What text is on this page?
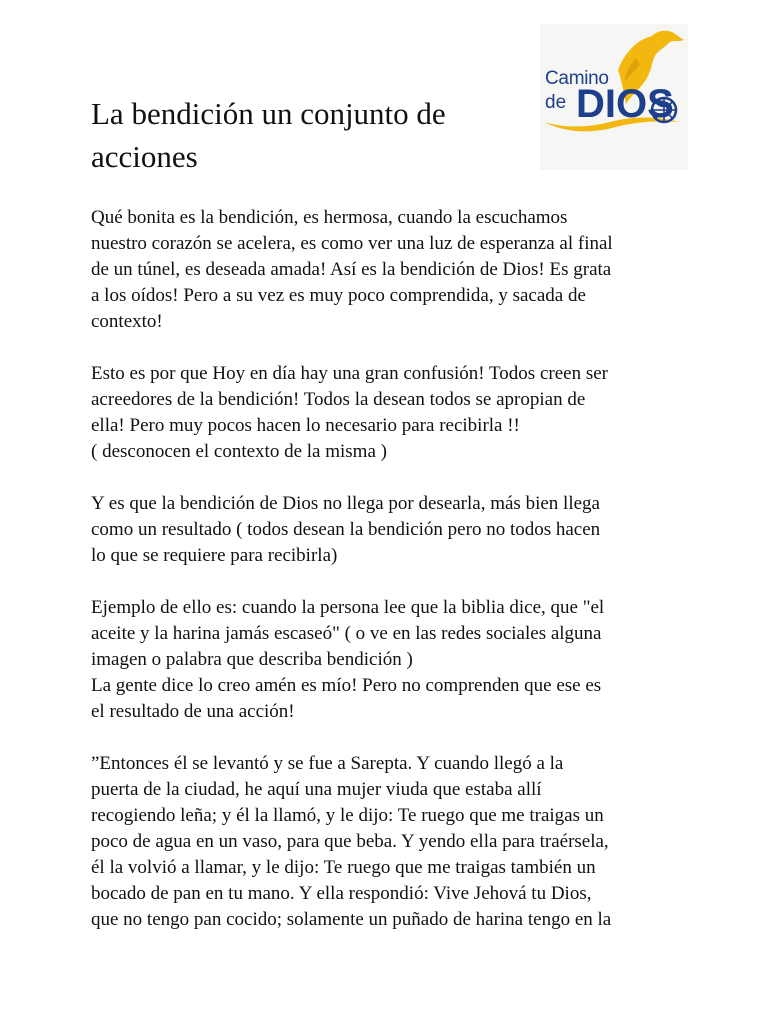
Camino
de DIOS
La bendición un conjunto de
acciones

Qué bonita es la bendición, es hermosa, cuando la escuchamos
nuestro corazón se acelera, es como ver una luz de esperanza al final
de un túnel, es deseada amada! Así es la bendición de Dios! Es grata
a los oídos! Pero a su vez es muy poco comprendida, y sacada de
contexto!

Esto es por que Hoy en día hay una gran confusión! Todos creen ser
acreedores de la bendición! Todos la desean todos se apropian de
ella! Pero muy pocos hacen lo necesario para recibirla !!
( desconocen el contexto de la misma )

Y es que la bendición de Dios no llega por desearla, más bien llega
como un resultado ( todos desean la bendición pero no todos hacen
lo que se requiere para recibirla)

Ejemplo de ello es: cuando la persona lee que la biblia dice, que "el
aceite y la harina jamás escaseó" ( o ve en las redes sociales alguna
imagen o palabra que describa bendición )
La gente dice lo creo amén es mío! Pero no comprenden que ese es
el resultado de una acción!

”Entonces él se levantó y se fue a Sarepta. Y cuando llegó a la
puerta de la ciudad, he aquí una mujer viuda que estaba allí
recogiendo leña; y él la llamó, y le dijo: Te ruego que me traigas un
poco de agua en un vaso, para que beba. Y yendo ella para traérsela,
él la volvió a llamar, y le dijo: Te ruego que me traigas también un
bocado de pan en tu mano. Y ella respondió: Vive Jehová tu Dios,
que no tengo pan cocido; solamente un puñado de harina tengo en la
